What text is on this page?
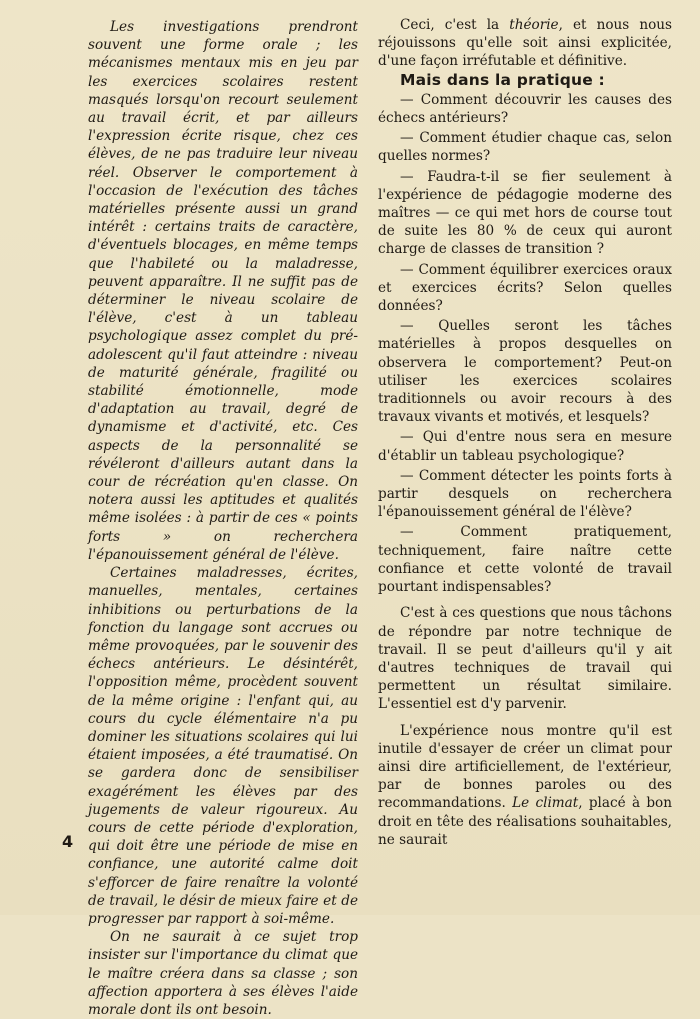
Les investigations prendront souvent une forme orale ; les mécanismes mentaux mis en jeu par les exercices scolaires restent masqués lorsqu'on recourt seulement au travail écrit, et par ailleurs l'expression écrite risque, chez ces élèves, de ne pas traduire leur niveau réel. Observer le comportement à l'occasion de l'exécution des tâches matérielles présente aussi un grand intérêt : certains traits de caractère, d'éventuels blocages, en même temps que l'habileté ou la maladresse, peuvent apparaître. Il ne suffit pas de déterminer le niveau scolaire de l'élève, c'est à un tableau psychologique assez complet du pré-adolescent qu'il faut atteindre : niveau de maturité générale, fragilité ou stabilité émotionnelle, mode d'adaptation au travail, degré de dynamisme et d'activité, etc. Ces aspects de la personnalité se révéleront d'ailleurs autant dans la cour de récréation qu'en classe. On notera aussi les aptitudes et qualités même isolées : à partir de ces « points forts » on recherchera l'épanouissement général de l'élève.

Certaines maladresses, écrites, manuelles, mentales, certaines inhibitions ou perturbations de la fonction du langage sont accrues ou même provoquées, par le souvenir des échecs antérieurs. Le désintérêt, l'opposition même, procèdent souvent de la même origine : l'enfant qui, au cours du cycle élémentaire n'a pu dominer les situations scolaires qui lui étaient imposées, a été traumatisé. On se gardera donc de sensibiliser exagérément les élèves par des jugements de valeur rigoureux. Au cours de cette période d'exploration, qui doit être une période de mise en confiance, une autorité calme doit s'efforcer de faire renaître la volonté de travail, le désir de mieux faire et de progresser par rapport à soi-même.

On ne saurait à ce sujet trop insister sur l'importance du climat que le maître créera dans sa classe ; son affection apportera à ses élèves l'aide morale dont ils ont besoin.

Ceci, c'est la théorie, et nous nous réjouissons qu'elle soit ainsi explicitée, d'une façon irréfutable et définitive.

Mais dans la pratique :

— Comment découvrir les causes des échecs antérieurs?

— Comment étudier chaque cas, selon quelles normes?

— Faudra-t-il se fier seulement à l'expérience de pédagogie moderne des maîtres — ce qui met hors de course tout de suite les 80 % de ceux qui auront charge de classes de transition ?

— Comment équilibrer exercices oraux et exercices écrits? Selon quelles données?

— Quelles seront les tâches matérielles à propos desquelles on observera le comportement? Peut-on utiliser les exercices scolaires traditionnels ou avoir recours à des travaux vivants et motivés, et lesquels?

— Qui d'entre nous sera en mesure d'établir un tableau psychologique?

— Comment détecter les points forts à partir desquels on recherchera l'épanouissement général de l'élève?

— Comment pratiquement, techniquement, faire naître cette confiance et cette volonté de travail pourtant indispensables?

C'est à ces questions que nous tâchons de répondre par notre technique de travail. Il se peut d'ailleurs qu'il y ait d'autres techniques de travail qui permettent un résultat similaire. L'essentiel est d'y parvenir.

L'expérience nous montre qu'il est inutile d'essayer de créer un climat pour ainsi dire artificiellement, de l'extérieur, par de bonnes paroles ou des recommandations. Le climat, placé à bon droit en tête des réalisations souhaitables, ne saurait

4
